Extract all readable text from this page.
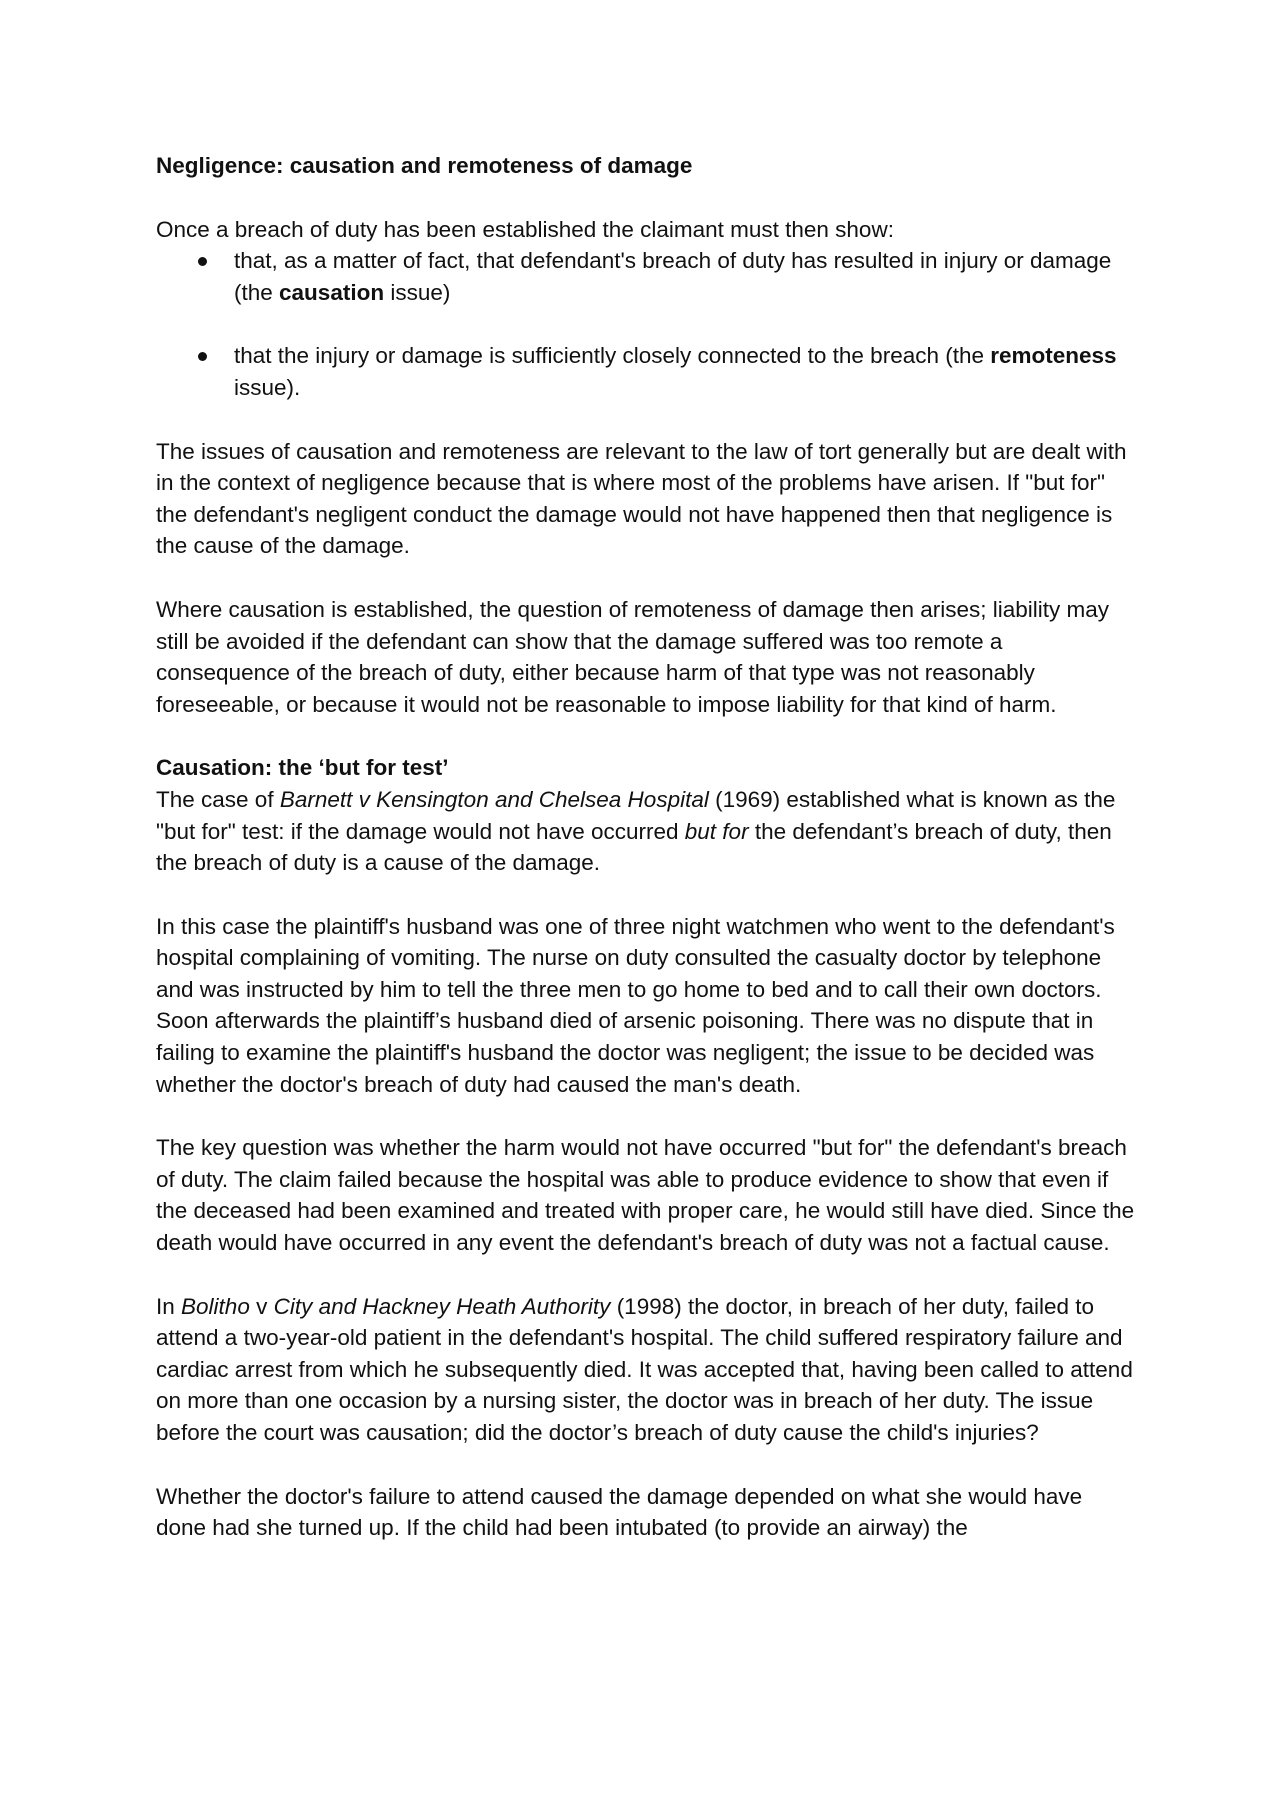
Negligence: causation and remoteness of damage

Once a breach of duty has been established the claimant must then show:

that, as a matter of fact, that defendant's breach of duty has resulted in injury or damage (the causation issue)
that the injury or damage is sufficiently closely connected to the breach (the remoteness issue).

The issues of causation and remoteness are relevant to the law of tort generally but are dealt with in the context of negligence because that is where most of the problems have arisen. If "but for" the defendant's negligent conduct the damage would not have happened then that negligence is the cause of the damage.

Where causation is established, the question of remoteness of damage then arises; liability may still be avoided if the defendant can show that the damage suffered was too remote a consequence of the breach of duty, either because harm of that type was not reasonably foreseeable, or because it would not be reasonable to impose liability for that kind of harm.

Causation: the ‘but for test’

The case of Barnett v Kensington and Chelsea Hospital (1969) established what is known as the "but for" test: if the damage would not have occurred but for the defendant’s breach of duty, then the breach of duty is a cause of the damage.

In this case the plaintiff's husband was one of three night watchmen who went to the defendant's hospital complaining of vomiting. The nurse on duty consulted the casualty doctor by telephone and was instructed by him to tell the three men to go home to bed and to call their own doctors. Soon afterwards the plaintiff’s husband died of arsenic poisoning. There was no dispute that in failing to examine the plaintiff's husband the doctor was negligent; the issue to be decided was whether the doctor's breach of duty had caused the man's death.

The key question was whether the harm would not have occurred "but for" the defendant's breach of duty. The claim failed because the hospital was able to produce evidence to show that even if the deceased had been examined and treated with proper care, he would still have died. Since the death would have occurred in any event the defendant's breach of duty was not a factual cause.

In Bolitho v City and Hackney Heath Authority (1998) the doctor, in breach of her duty, failed to attend a two-year-old patient in the defendant's hospital. The child suffered respiratory failure and cardiac arrest from which he subsequently died. It was accepted that, having been called to attend on more than one occasion by a nursing sister, the doctor was in breach of her duty. The issue before the court was causation; did the doctor’s breach of duty cause the child's injuries?

Whether the doctor's failure to attend caused the damage depended on what she would have done had she turned up. If the child had been intubated (to provide an airway) the
